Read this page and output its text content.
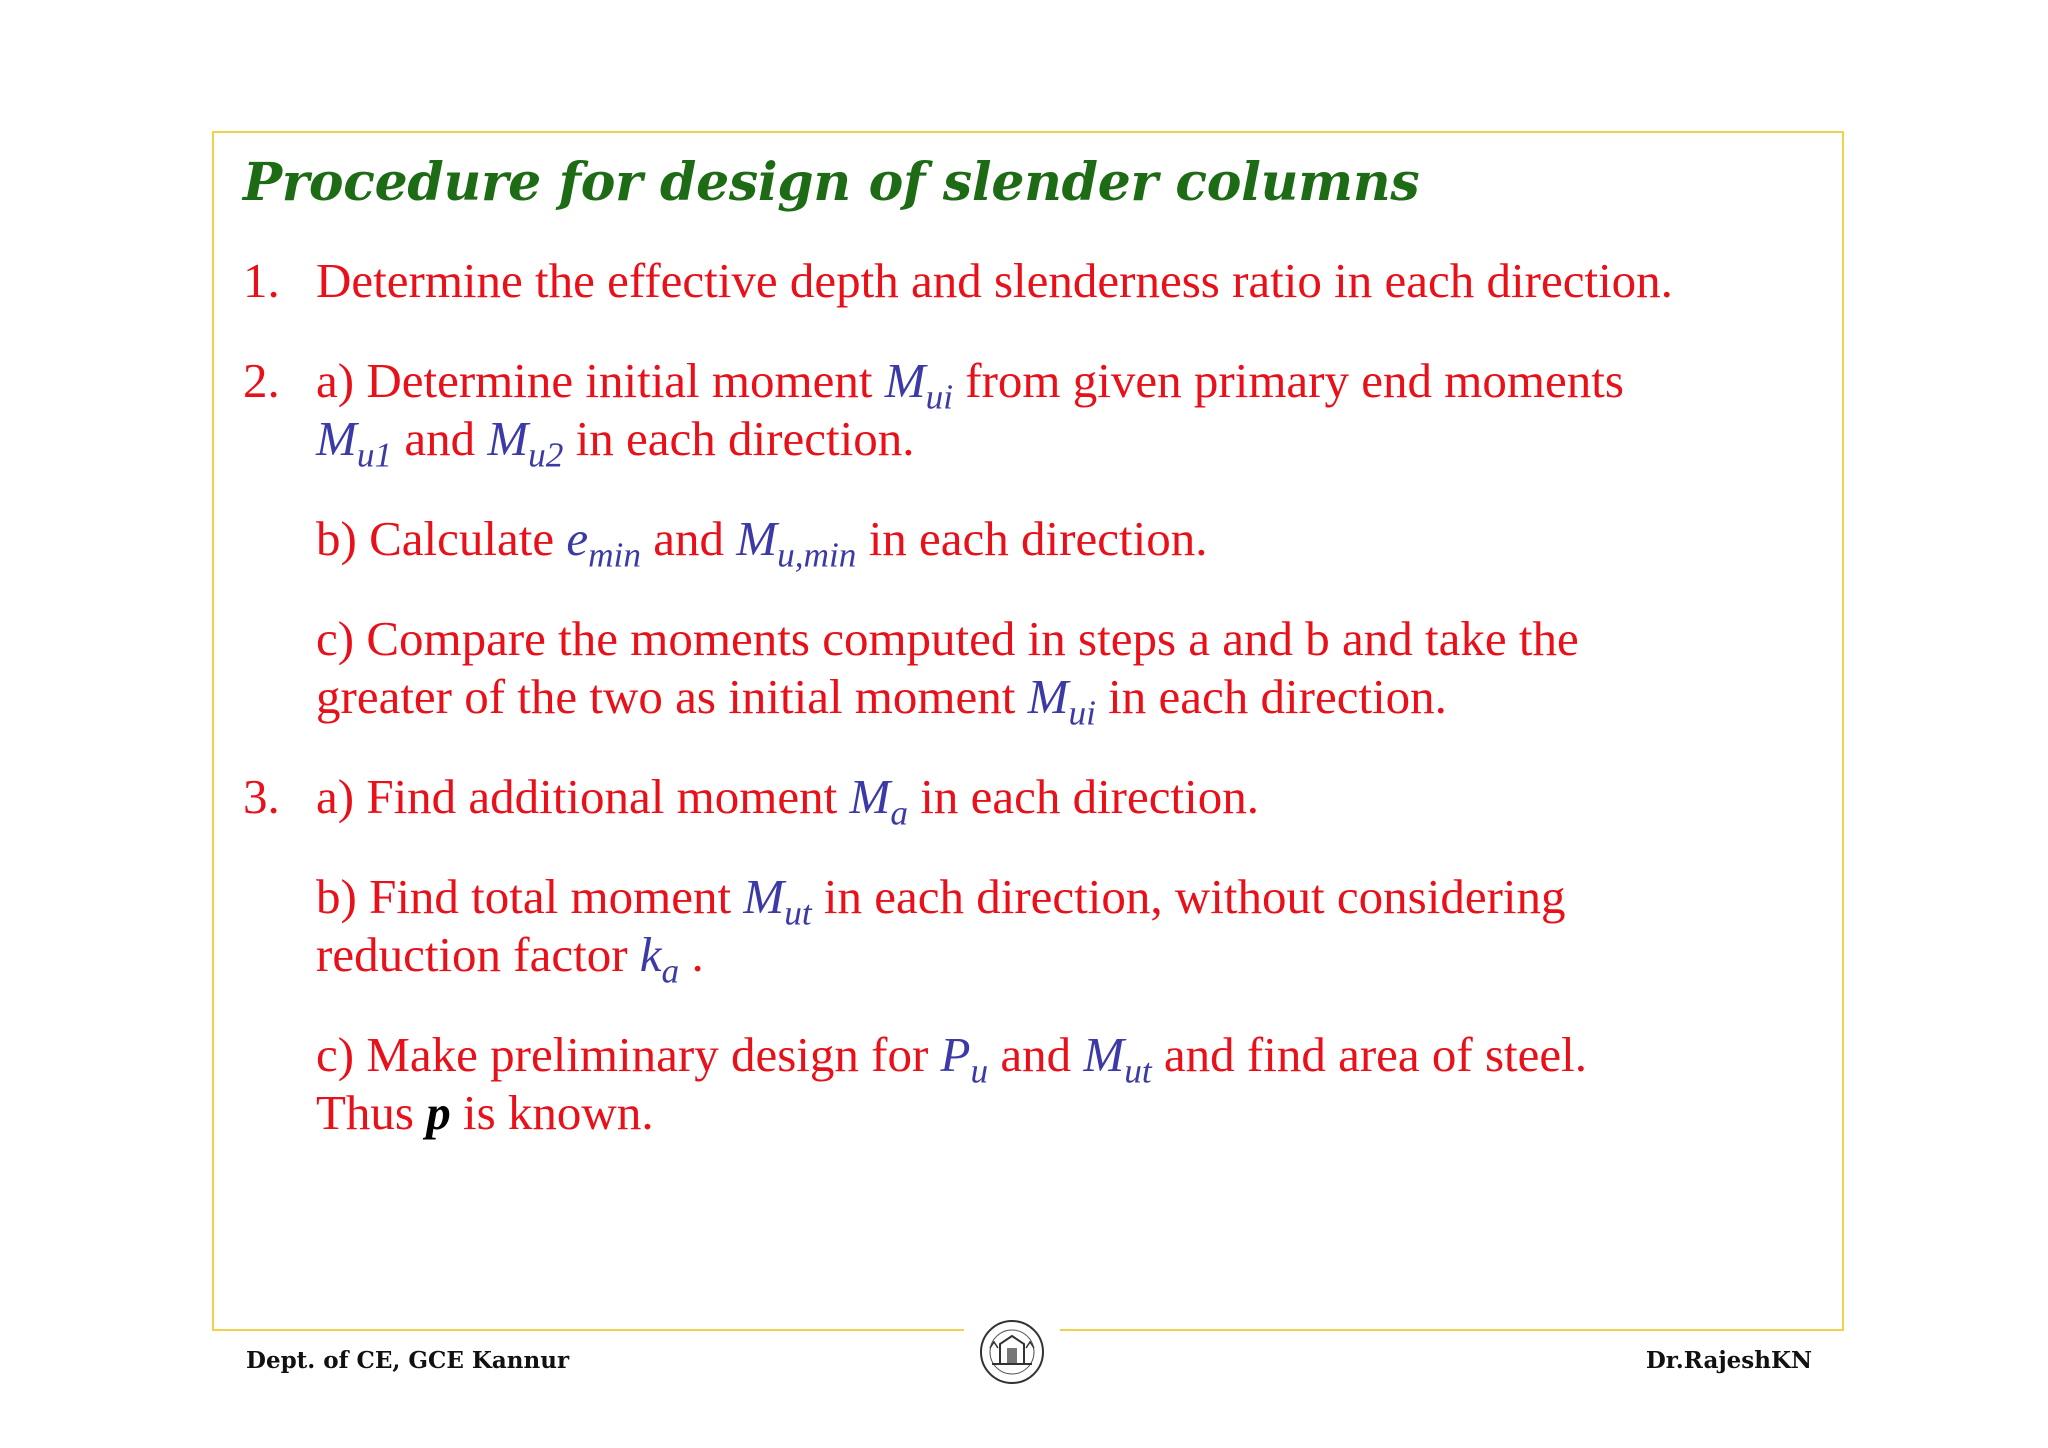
Procedure for design of slender columns
1. Determine the effective depth and slenderness ratio in each direction.
2. a) Determine initial moment $M_{ui}$ from given primary end moments
$M_{u1}$ and $M_{u2}$ in each direction.
b) Calculate $e_{min}$ and $M_{u,min}$ in each direction.
c) Compare the moments computed in steps a and b and take the
greater of the two as initial moment $M_{ui}$ in each direction.
3. a) Find additional moment $M_a$ in each direction.
b) Find total moment $M_{ut}$ in each direction, without considering
reduction factor $k_a$ .
c) Make preliminary design for $P_u$ and $M_{ut}$ and find area of steel.
Thus p is known.
Dept. of CE, GCE Kannur	Dr.RajeshKN
